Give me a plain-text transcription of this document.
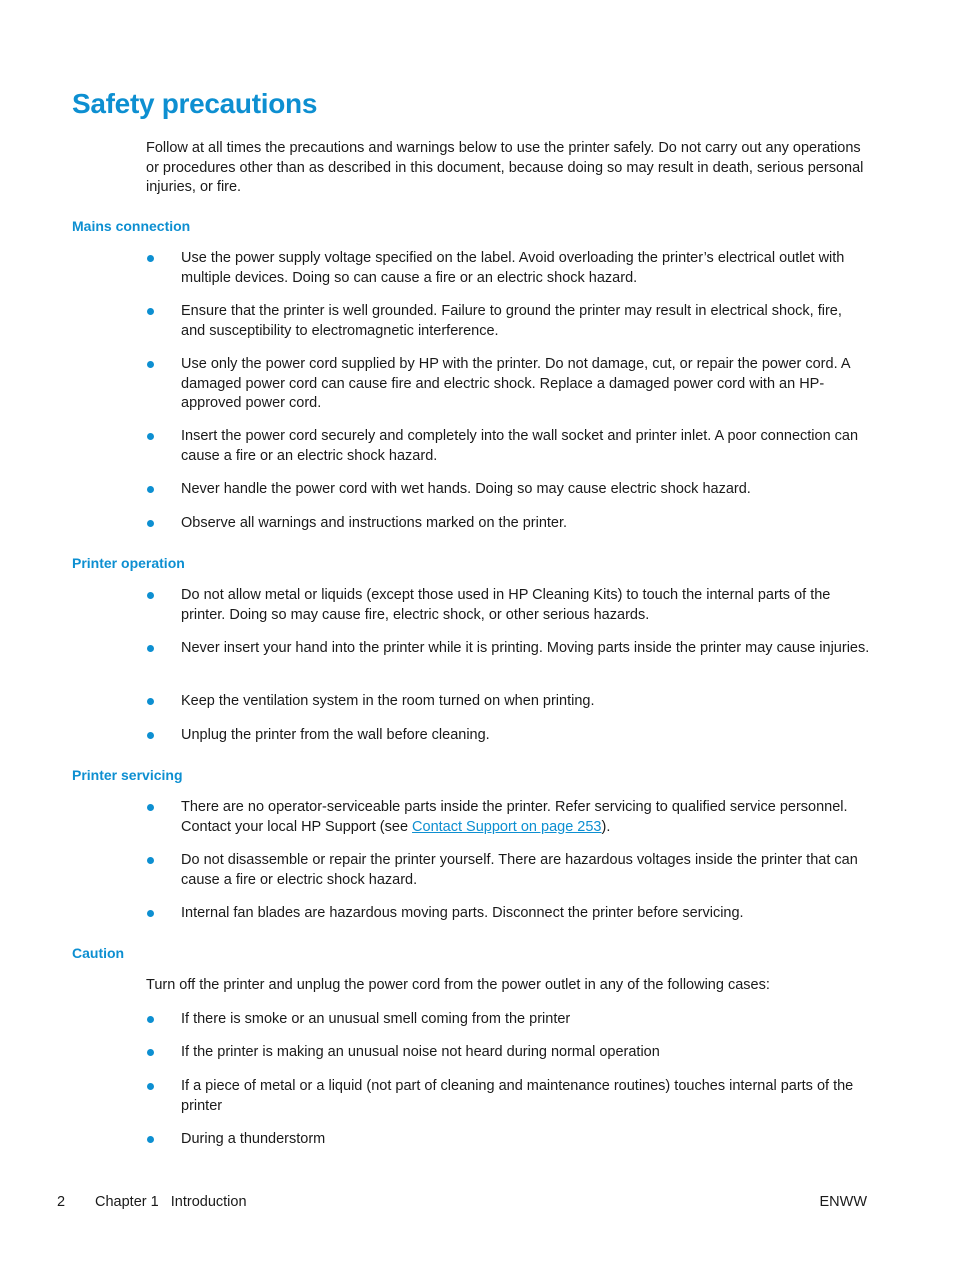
Safety precautions

Follow at all times the precautions and warnings below to use the printer safely. Do not carry out any operations or procedures other than as described in this document, because doing so may result in death, serious personal injuries, or fire.

Mains connection
Use the power supply voltage specified on the label. Avoid overloading the printer’s electrical outlet with multiple devices. Doing so can cause a fire or an electric shock hazard.
Ensure that the printer is well grounded. Failure to ground the printer may result in electrical shock, fire, and susceptibility to electromagnetic interference.
Use only the power cord supplied by HP with the printer. Do not damage, cut, or repair the power cord. A damaged power cord can cause fire and electric shock. Replace a damaged power cord with an HP-approved power cord.
Insert the power cord securely and completely into the wall socket and printer inlet. A poor connection can cause a fire or an electric shock hazard.
Never handle the power cord with wet hands. Doing so may cause electric shock hazard.
Observe all warnings and instructions marked on the printer.
Printer operation
Do not allow metal or liquids (except those used in HP Cleaning Kits) to touch the internal parts of the printer. Doing so may cause fire, electric shock, or other serious hazards.
Never insert your hand into the printer while it is printing. Moving parts inside the printer may cause injuries.
Keep the ventilation system in the room turned on when printing.
Unplug the printer from the wall before cleaning.
Printer servicing
There are no operator-serviceable parts inside the printer. Refer servicing to qualified service personnel. Contact your local HP Support (see Contact Support on page 253).
Do not disassemble or repair the printer yourself. There are hazardous voltages inside the printer that can cause a fire or electric shock hazard.
Internal fan blades are hazardous moving parts. Disconnect the printer before servicing.
Caution

Turn off the printer and unplug the power cord from the power outlet in any of the following cases:

If there is smoke or an unusual smell coming from the printer
If the printer is making an unusual noise not heard during normal operation
If a piece of metal or a liquid (not part of cleaning and maintenance routines) touches internal parts of the printer
During a thunderstorm
2 Chapter 1   Introduction	ENWW
